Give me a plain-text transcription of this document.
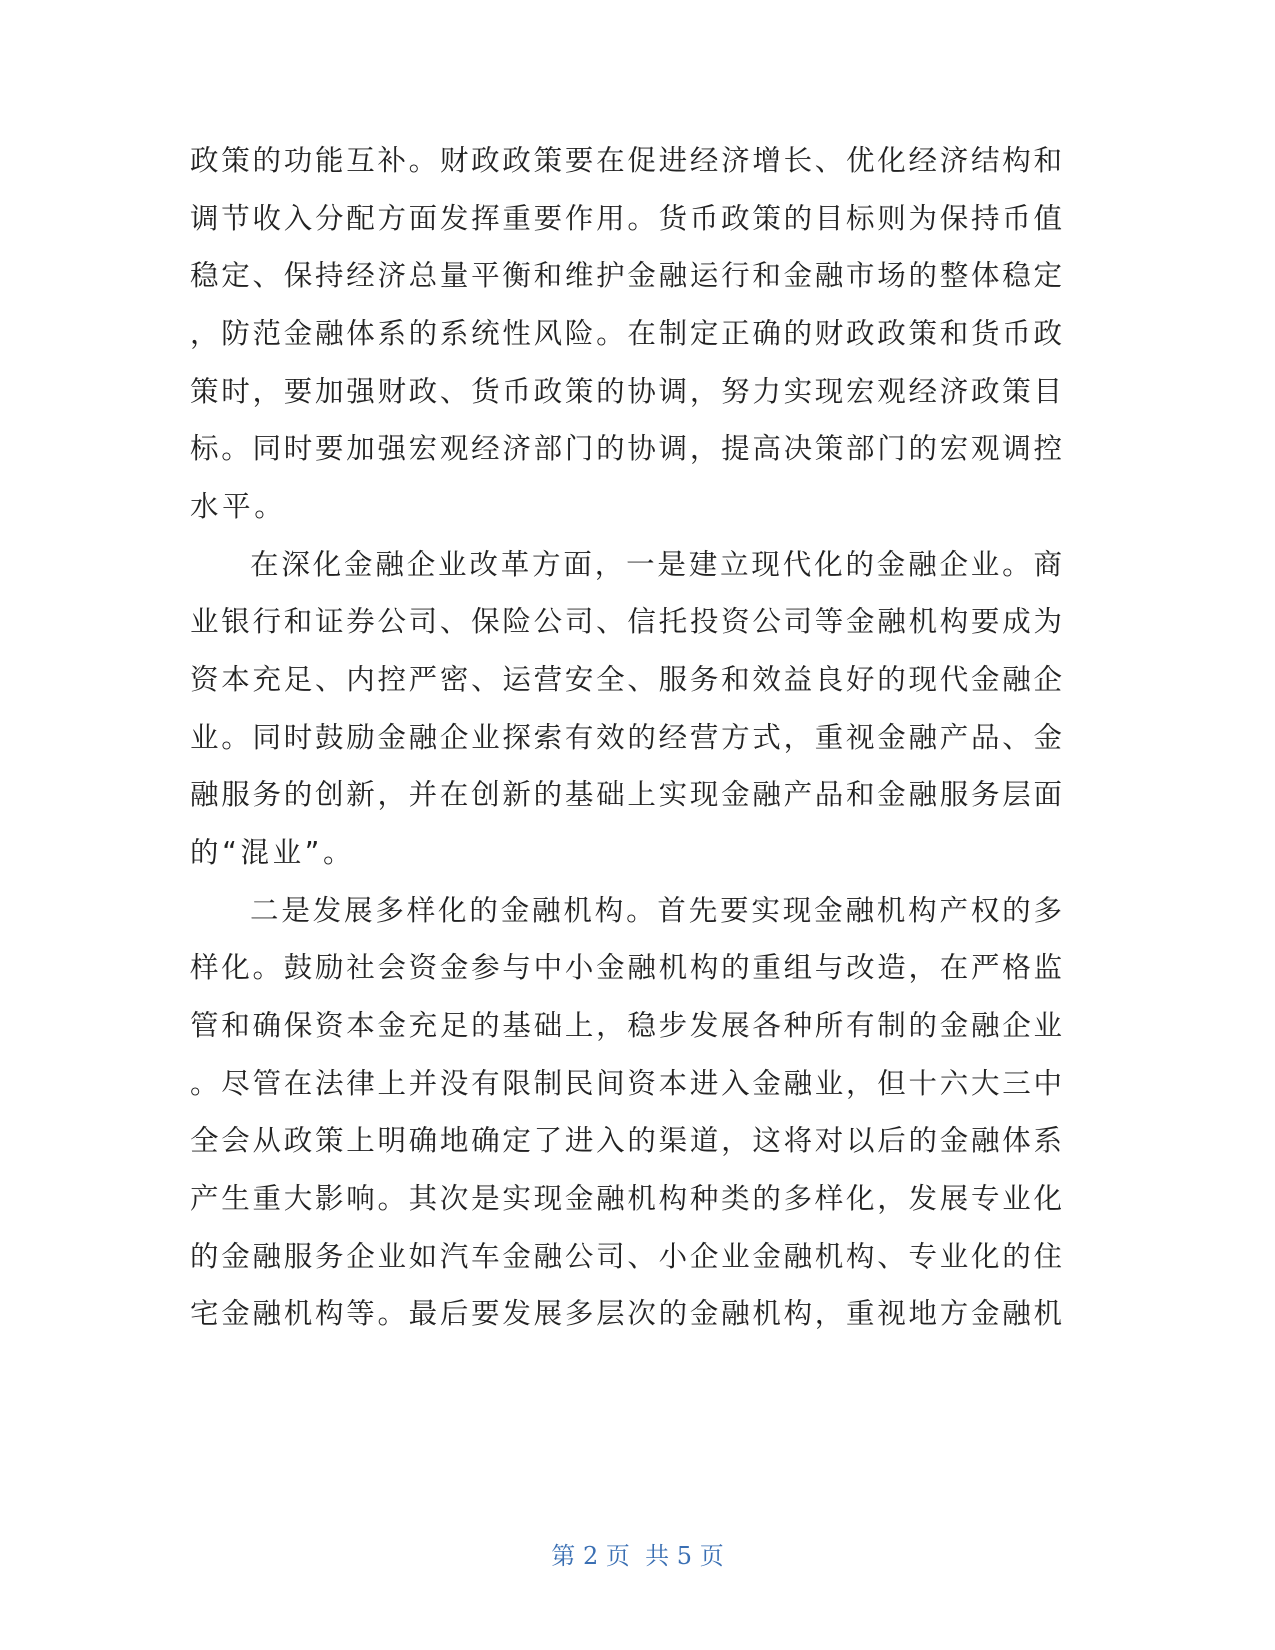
政策的功能互补。财政政策要在促进经济增长、优化经济结构和
调节收入分配方面发挥重要作用。货币政策的目标则为保持币值
稳定、保持经济总量平衡和维护金融运行和金融市场的整体稳定
，防范金融体系的系统性风险。在制定正确的财政政策和货币政
策时，要加强财政、货币政策的协调，努力实现宏观经济政策目
标。同时要加强宏观经济部门的协调，提高决策部门的宏观调控
水平。
在深化金融企业改革方面，一是建立现代化的金融企业。商
业银行和证券公司、保险公司、信托投资公司等金融机构要成为
资本充足、内控严密、运营安全、服务和效益良好的现代金融企
业。同时鼓励金融企业探索有效的经营方式，重视金融产品、金
融服务的创新，并在创新的基础上实现金融产品和金融服务层面
的“混业”。
二是发展多样化的金融机构。首先要实现金融机构产权的多
样化。鼓励社会资金参与中小金融机构的重组与改造，在严格监
管和确保资本金充足的基础上，稳步发展各种所有制的金融企业
。尽管在法律上并没有限制民间资本进入金融业，但十六大三中
全会从政策上明确地确定了进入的渠道，这将对以后的金融体系
产生重大影响。其次是实现金融机构种类的多样化，发展专业化
的金融服务企业如汽车金融公司、小企业金融机构、专业化的住
宅金融机构等。最后要发展多层次的金融机构，重视地方金融机
第 2 页  共 5 页
